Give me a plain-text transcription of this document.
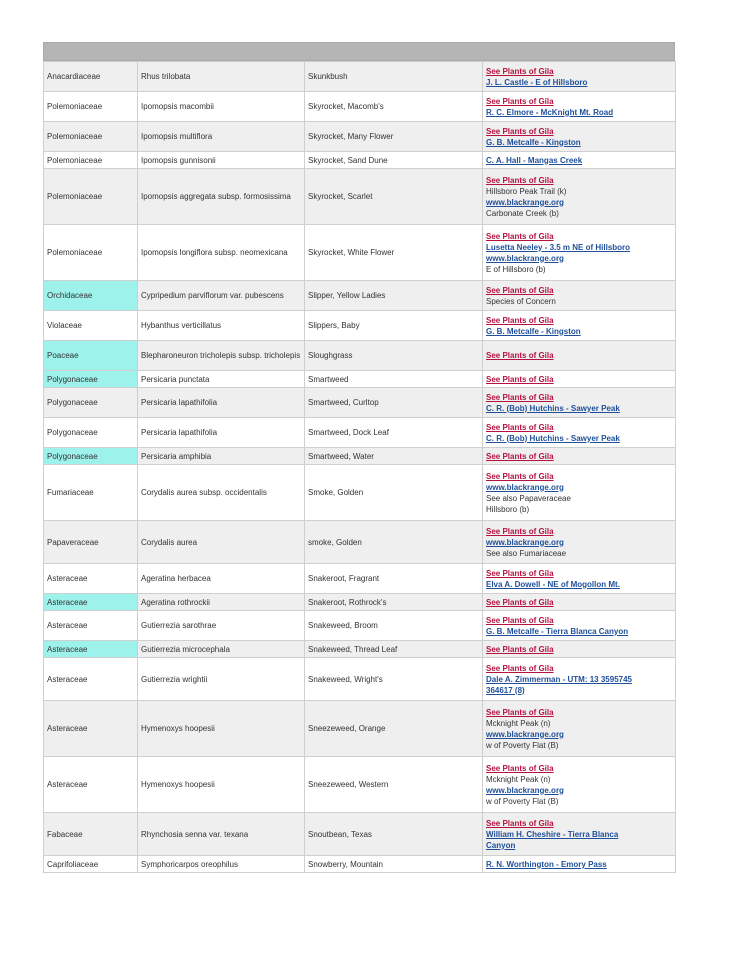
Anacardiaceae	Rhus trilobata	Skunkbush	See Plants of Gila
J. L. Castle - E of Hillsboro

Polemoniaceae	Ipomopsis macombii	Skyrocket, Macomb's	See Plants of Gila
R. C. Elmore - McKnight Mt. Road

Polemoniaceae	Ipomopsis multiflora	Skyrocket, Many Flower	See Plants of Gila
G. B. Metcalfe - Kingston

Polemoniaceae	Ipomopsis gunnisonii	Skyrocket, Sand Dune	C. A. Hall - Mangas Creek

Polemoniaceae	Ipomopsis aggregata subsp. formosissima	Skyrocket, Scarlet	See Plants of Gila
Hillsboro Peak Trail (k)
www.blackrange.org
Carbonate Creek (b)

Polemoniaceae	Ipomopsis longiflora subsp. neomexicana	Skyrocket, White Flower	See Plants of Gila
Lusetta Neeley - 3.5 m NE of Hillsboro
www.blackrange.org
E of Hillsboro (b)

Orchidaceae	Cypripedium parviflorum var. pubescens	Slipper, Yellow Ladies	See Plants of Gila
Species of Concern

Violaceae	Hybanthus verticillatus	Slippers, Baby	See Plants of Gila
G. B. Metcalfe - Kingston

Poaceae	Blepharoneuron tricholepis subsp. tricholepis	Sloughgrass	See Plants of Gila

Polygonaceae	Persicaria punctata	Smartweed	See Plants of Gila

Polygonaceae	Persicaria lapathifolia	Smartweed, Curltop	See Plants of Gila
C. R. (Bob) Hutchins - Sawyer Peak

Polygonaceae	Persicaria lapathifolia	Smartweed, Dock Leaf	See Plants of Gila
C. R. (Bob) Hutchins - Sawyer Peak

Polygonaceae	Persicaria amphibia	Smartweed, Water	See Plants of Gila

Fumariaceae	Corydalis aurea subsp. occidentalis	Smoke, Golden	See Plants of Gila
www.blackrange.org
See also Papaveraceae
Hillsboro (b)

Papaveraceae	Corydalis aurea	smoke, Golden	See Plants of Gila
www.blackrange.org
See also Fumariaceae

Asteraceae	Ageratina herbacea	Snakeroot, Fragrant	See Plants of Gila
Elva A. Dowell - NE of Mogollon Mt.

Asteraceae	Ageratina rothrockii	Snakeroot, Rothrock's	See Plants of Gila

Asteraceae	Gutierrezia sarothrae	Snakeweed, Broom	See Plants of Gila
G. B. Metcalfe - Tierra Blanca Canyon

Asteraceae	Gutierrezia microcephala	Snakeweed, Thread Leaf	See Plants of Gila

Asteraceae	Gutierrezia wrightii	Snakeweed, Wright's	See Plants of Gila
Dale A. Zimmerman - UTM: 13 3595745
364617 (8)

Asteraceae	Hymenoxys hoopesii	Sneezeweed, Orange	See Plants of Gila
Mcknight Peak (n)
www.blackrange.org
w of Poverty Flat (B)

Asteraceae	Hymenoxys hoopesii	Sneezeweed, Western	See Plants of Gila
Mcknight Peak (n)
www.blackrange.org
w of Poverty Flat (B)

Fabaceae	Rhynchosia senna var. texana	Snoutbean, Texas	See Plants of Gila
William H. Cheshire - Tierra Blanca
Canyon

Caprifoliaceae	Symphoricarpos oreophilus	Snowberry, Mountain	R. N. Worthington - Emory Pass
